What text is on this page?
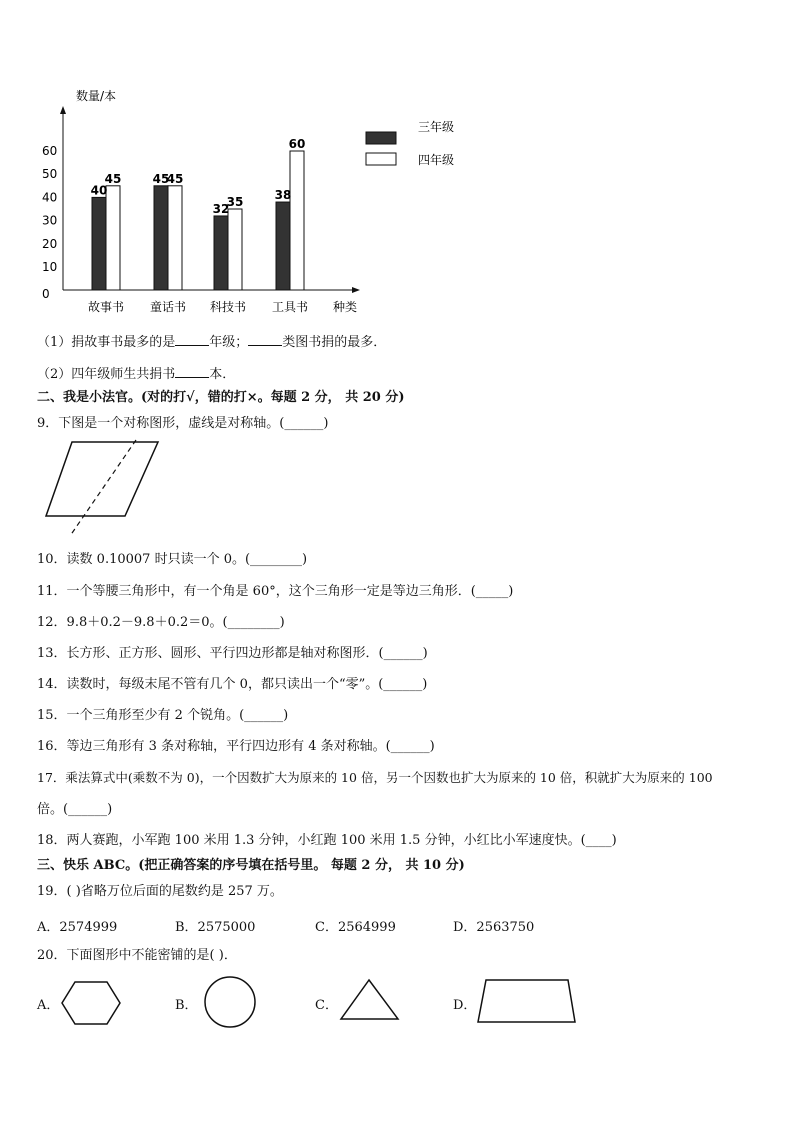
数量/本
种类
0
10
20
30
40
50
60
故事书 童话书 科技书 工具书
40
45	45
45
32
35	38
60
三年级
四年级
（1）捐故事书最多的是	年级；	类图书捐的最多．
（2）四年级师生共捐书	本．
二、我是小法官。(对的打√，错的打×。每题 2 分， 共 20 分)
9．下图是一个对称图形，虚线是对称轴。(______)
10．读数 0.10007 时只读一个 0。(________)
11．一个等腰三角形中，有一个角是 60°，这个三角形一定是等边三角形．(_____)
12．9.8＋0.2－9.8＋0.2＝0。(________)
13．长方形、正方形、圆形、平行四边形都是轴对称图形．(______)
14．读数时，每级末尾不管有几个 0，都只读出一个“零”。(______)
15．一个三角形至少有 2 个锐角。(______)
16．等边三角形有 3 条对称轴，平行四边形有 4 条对称轴。(______)
17．乘法算式中(乘数不为 0)，一个因数扩大为原来的 10 倍，另一个因数也扩大为原来的 10 倍，积就扩大为原来的 100
倍。(______)
18．两人赛跑，小军跑 100 米用 1.3 分钟，小红跑 100 米用 1.5 分钟，小红比小军速度快。(____)
三、快乐 ABC。(把正确答案的序号填在括号里。 每题 2 分， 共 10 分)
19．( )省略万位后面的尾数约是 257 万。
A．2574999	B．2575000	C．2564999	D．2563750
20．下面图形中不能密铺的是( )．
A．	B．	C．	D．
